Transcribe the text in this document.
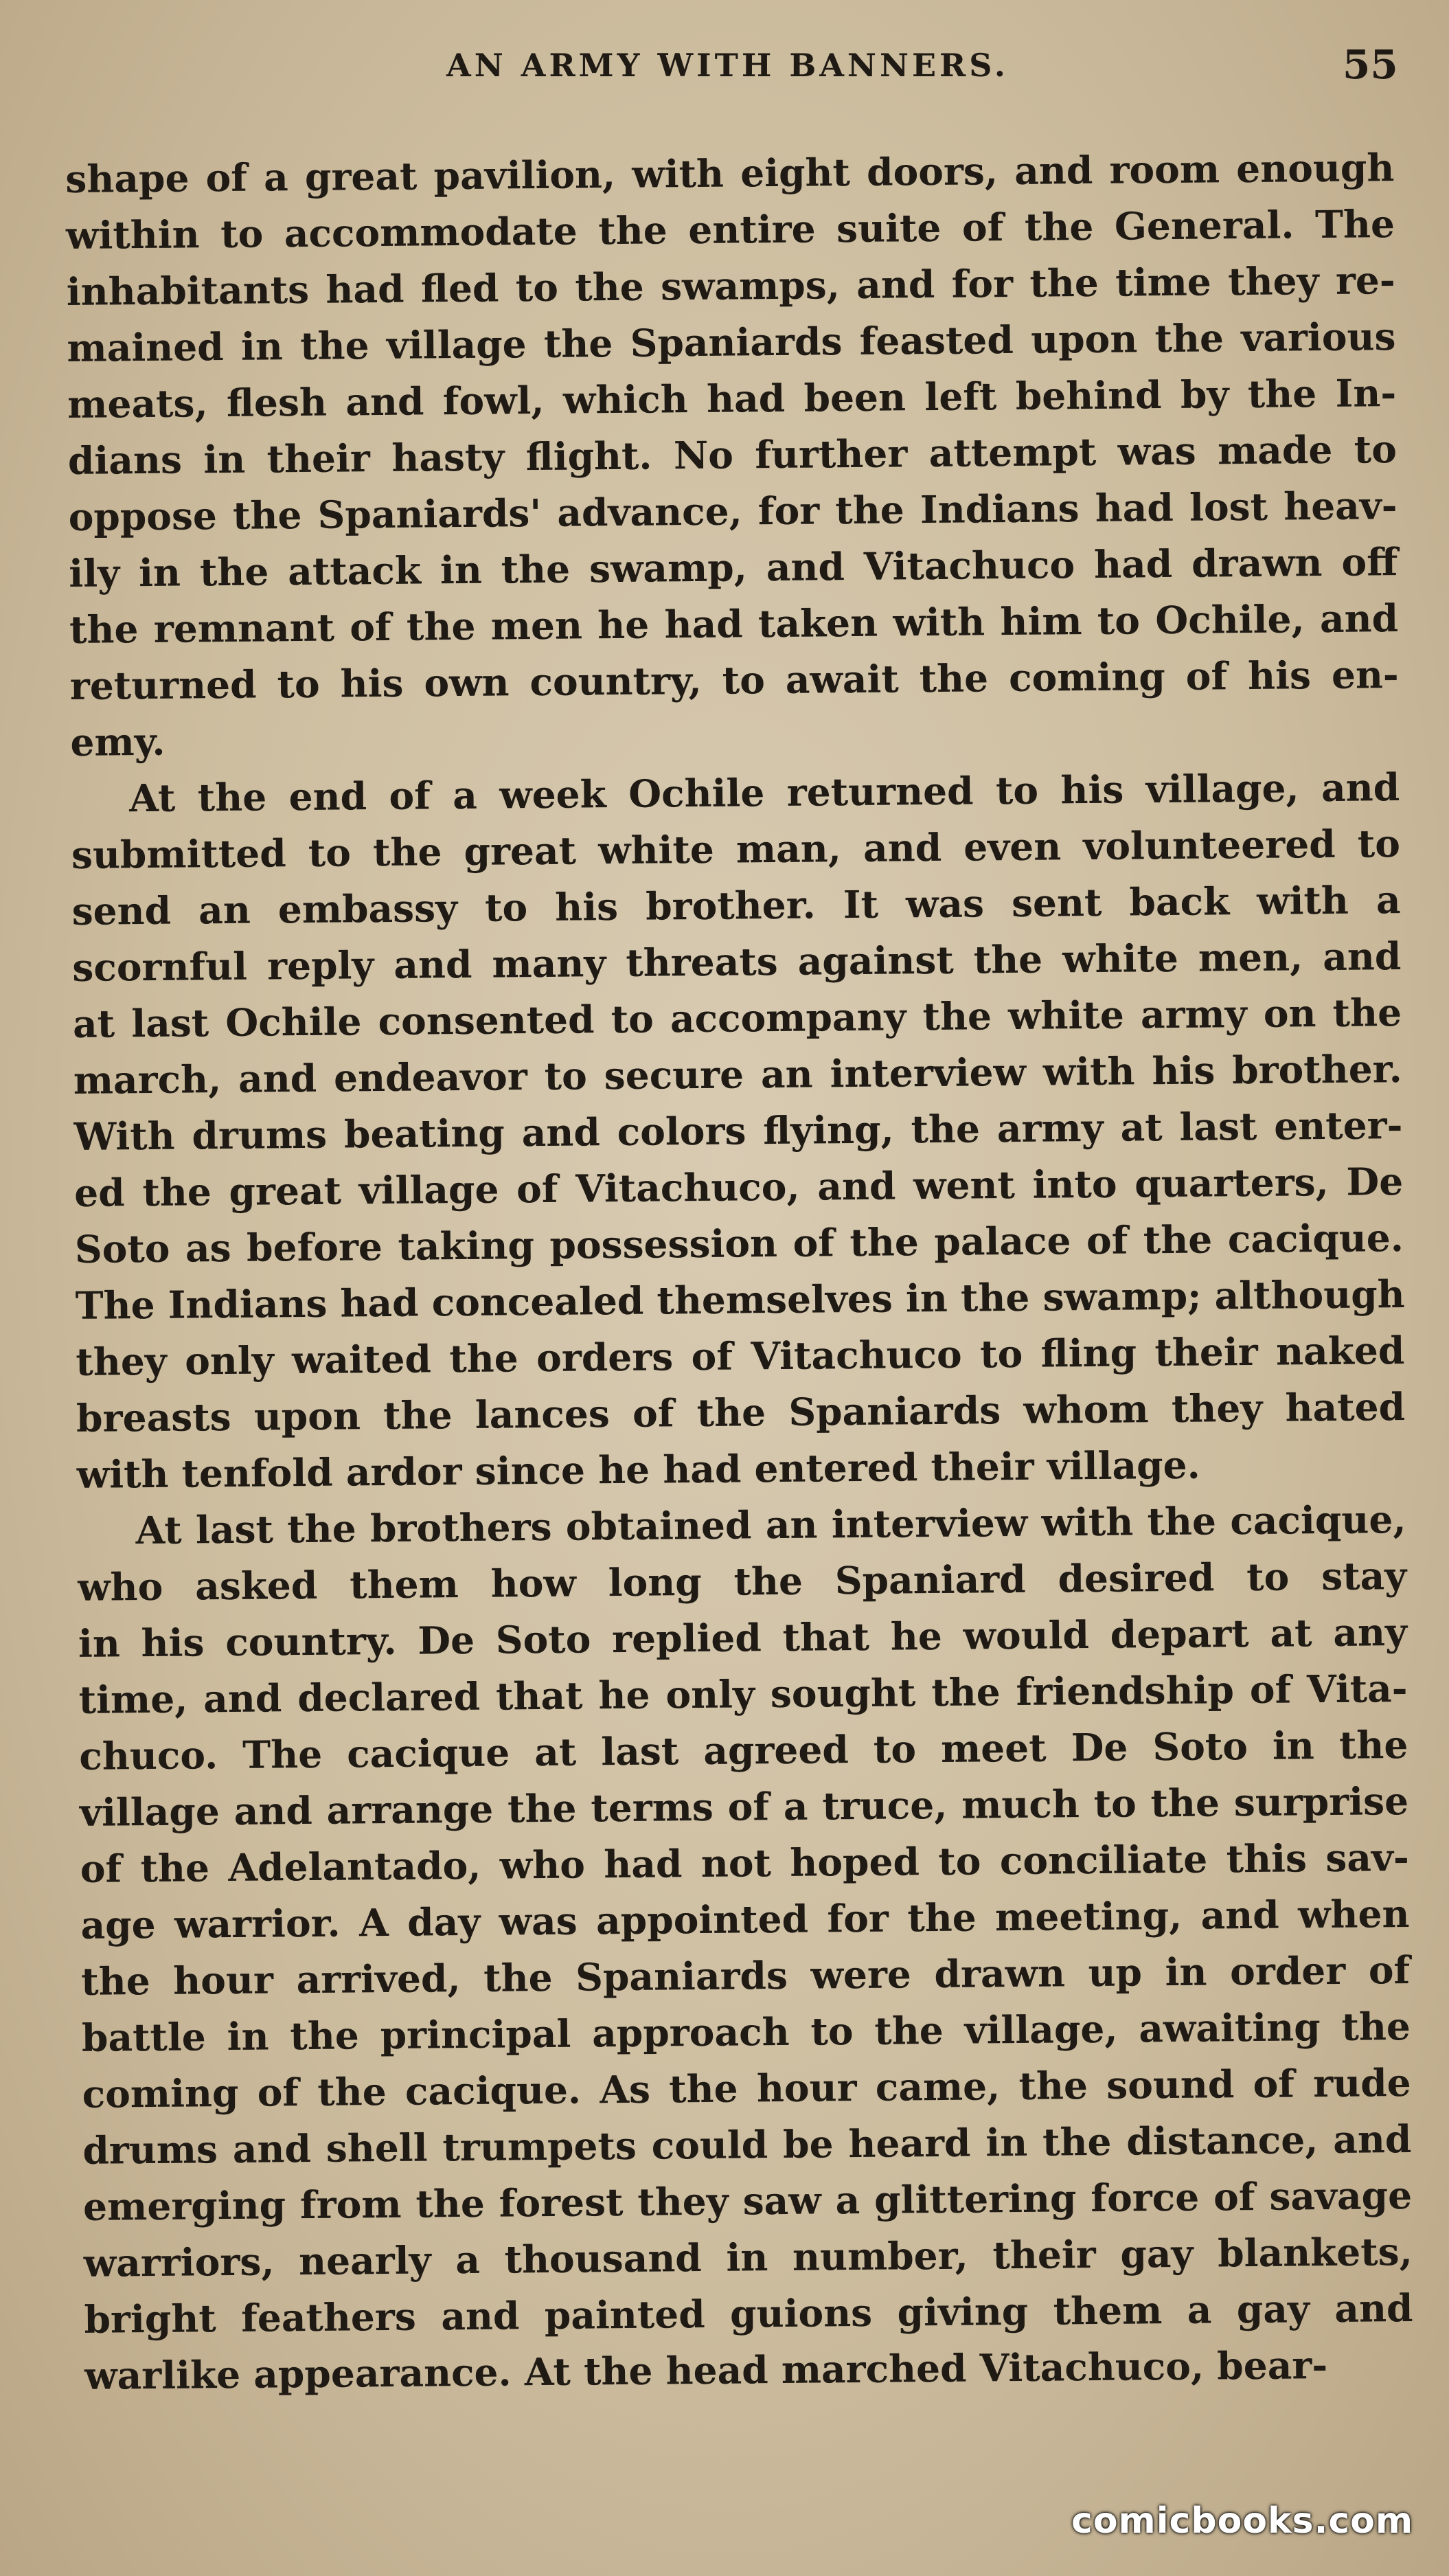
AN ARMY WITH BANNERS.	55
shape of a great pavilion, with eight doors, and room enough
within to accommodate the entire suite of the General. The
inhabitants had fled to the swamps, and for the time they re-
mained in the village the Spaniards feasted upon the various
meats, flesh and fowl, which had been left behind by the In-
dians in their hasty flight. No further attempt was made to
oppose the Spaniards' advance, for the Indians had lost heav-
ily in the attack in the swamp, and Vitachuco had drawn off
the remnant of the men he had taken with him to Ochile, and
returned to his own country, to await the coming of his en-
emy.
At the end of a week Ochile returned to his village, and
submitted to the great white man, and even volunteered to
send an embassy to his brother. It was sent back with a
scornful reply and many threats against the white men, and
at last Ochile consented to accompany the white army on the
march, and endeavor to secure an interview with his brother.
With drums beating and colors flying, the army at last enter-
ed the great village of Vitachuco, and went into quarters, De
Soto as before taking possession of the palace of the cacique.
The Indians had concealed themselves in the swamp; although
they only waited the orders of Vitachuco to fling their naked
breasts upon the lances of the Spaniards whom they hated
with tenfold ardor since he had entered their village.
At last the brothers obtained an interview with the cacique,
who asked them how long the Spaniard desired to stay
in his country. De Soto replied that he would depart at any
time, and declared that he only sought the friendship of Vita-
chuco. The cacique at last agreed to meet De Soto in the
village and arrange the terms of a truce, much to the surprise
of the Adelantado, who had not hoped to conciliate this sav-
age warrior. A day was appointed for the meeting, and when
the hour arrived, the Spaniards were drawn up in order of
battle in the principal approach to the village, awaiting the
coming of the cacique. As the hour came, the sound of rude
drums and shell trumpets could be heard in the distance, and
emerging from the forest they saw a glittering force of savage
warriors, nearly a thousand in number, their gay blankets,
bright feathers and painted guions giving them a gay and
warlike appearance. At the head marched Vitachuco, bear-
comicbooks.com
